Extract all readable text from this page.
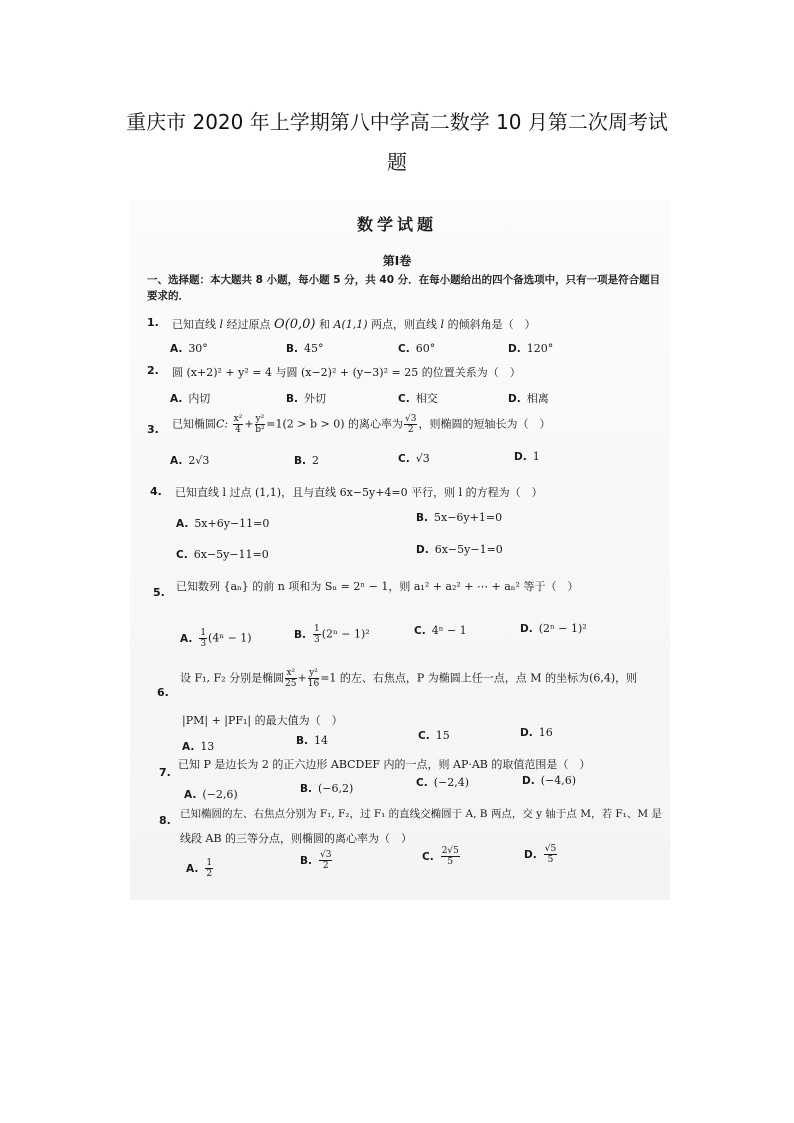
重庆市 2020 年上学期第八中学高二数学 10 月第二次周考试
题
数学试题
第Ⅰ卷
一、选择题：本大题共 8 小题，每小题 5 分，共 40 分．在每小题给出的四个备选项中，只有一项是符合题目要求的．
1. 已知直线 l 经过原点 O(0,0) 和 A(1,1) 两点，则直线 l 的倾斜角是（　）
A. 30°	B. 45°	C. 60°	D. 120°
2. 圆 (x+2)² + y² = 4 与圆 (x−2)² + (y−3)² = 25 的位置关系为（　）
A. 内切	B. 外切	C. 相交	D. 相离
3. 已知椭圆C: $\frac{\text{x²}}{4} + \frac{\text{y²}}{\text{b²}} =1(2 > b > 0)$ 的离心率为 $\frac{√3}{2}$ ，则椭圆的短轴长为（　）
A. 2√3	B. 2	C. √3	D. 1
4. 已知直线 l 过点 (1,1)，且与直线 6x−5y+4=0 平行，则 l 的方程为（　）
A. 5x+6y−11=0	B. 5x−6y+1=0
C. 6x−5y−11=0	D. 6x−5y−1=0
5. 已知数列 {aₙ} 的前 n 项和为 Sₙ = 2ⁿ − 1，则 a₁² + a₂² + ⋯ + aₙ² 等于（　）
A. $\frac{1}{3} (4^n - 1)$	B. $\frac{1}{3} (2^n - 1)^2$	C. 4ⁿ − 1	D. (2ⁿ − 1)²
6.
设 F₁, F₂ 分别是椭圆 $\frac{\text{x²}}{25} + \frac{\text{y²}}{16} =1$ 的左、右焦点，P 为椭圆上任一点，点 M 的坐标为(6,4)，则
|PM| + |PF₁| 的最大值为（　）
A. 13	B. 14	C. 15	D. 16
7.
已知 P 是边长为 2 的正六边形 ABCDEF 内的一点，则 AP·AB 的取值范围是（　）
A. (−2,6)	B. (−6,2)	C. (−2,4)	D. (−4,6)
8. 已知椭圆的左、右焦点分别为 F₁, F₂，过 F₁ 的直线交椭圆于 A, B 两点，交 y 轴于点 M，若 F₁、M 是
线段 AB 的三等分点，则椭圆的离心率为（　）
A. $\frac{1}{2}$	B. $\frac{√3}{2}$	C. $\frac{2√5}{5}$	D. $\frac{√5}{5}$
